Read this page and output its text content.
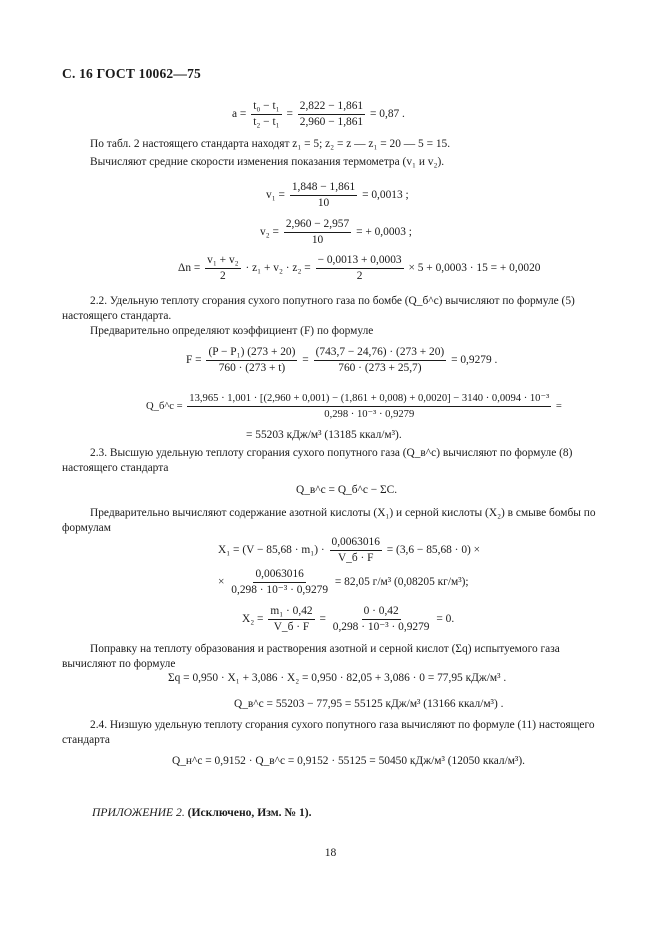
С. 16 ГОСТ 10062—75
$a = \frac{\text{t₀ − t₁}}{\text{t₂ − t₁}} = \frac{2,822 - 1,861}{2,960 - 1,861} = 0,87$ .
По табл. 2 настоящего стандарта находят z₁ = 5; z₂ = z — z₁ = 20 — 5 = 15.
Вычисляют средние скорости изменения показания термометра (v₁ и v₂).
$v_1 = \frac{1,848 - 1,861}{10} = 0,0013$ ;
$v_2 = \frac{2,960 - 2,957}{10}$ = + 0,0003 ;
$\Delta n = \frac{\text{v₁ + v₂}}{2} \cdot z_1 + v_2 \cdot z_2 = \frac{- 0,0013 + 0,0003}{2} \times 5 + 0,0003 \cdot 15$ = + 0,0020
2.2. Удельную теплоту сгорания сухого попутного газа по бомбе (Q_б^с) вычисляют по формуле (5) настоящего стандарта.
Предварительно определяют коэффициент (F) по формуле
$F = \frac{\text{(P − P₁) (273 + 20)}}{760 \cdot (273 + t)} = \frac{(743,7 - 24,76) \cdot (273 + 20)}{760 \cdot (273 + 25,7)} = 0,9279$ .
Q_б^с =
13,965 · 1,001 · [(2,960 + 0,001) − (1,861 + 0,008) + 0,0020] − 3140 · 0,0094 · 10⁻³
0,298 · 10⁻³ · 0,9279
=
= 55203 кДж/м³ (13185 ккал/м³).
2.3. Высшую удельную теплоту сгорания сухого попутного газа (Q_в^с) вычисляют по формуле (8) настоящего стандарта
Q_в^с = Q_б^с − ΣC.
Предварительно вычисляют содержание азотной кислоты (X₁) и серной кислоты (X₂) в смыве бомбы по формулам
$X_1 = (V - 85,68 \cdot m_1) \cdot \frac{0,0063016}{V\_б \cdot F} = (3,6 - 85,68 \cdot 0)$ ×
× $\frac{0,0063016}{\text{0,298 · 10⁻³ · 0,9279}} = 82,05$ г/м³ (0,08205 кг/м³);
$X_2 = \frac{\text{m₁ · 0,42}}{V\_б \cdot F} = \frac{0 \cdot 0,42}{\text{0,298 · 10⁻³ · 0,9279}} = 0$.
Поправку на теплоту образования и растворения азотной и серной кислот (Σq) испытуемого газа вычисляют по формуле
Σq = 0,950 · X₁ + 3,086 · X₂ = 0,950 · 82,05 + 3,086 · 0 = 77,95 кДж/м³ .
Q_в^с = 55203 − 77,95 = 55125 кДж/м³ (13166 ккал/м³) .
2.4. Низшую удельную теплоту сгорания сухого попутного газа вычисляют по формуле (11) настоящего стандарта
Q_н^с = 0,9152 · Q_в^с = 0,9152 · 55125 = 50450 кДж/м³ (12050 ккал/м³).
ПРИЛОЖЕНИЕ 2. (Исключено, Изм. № 1).
18
